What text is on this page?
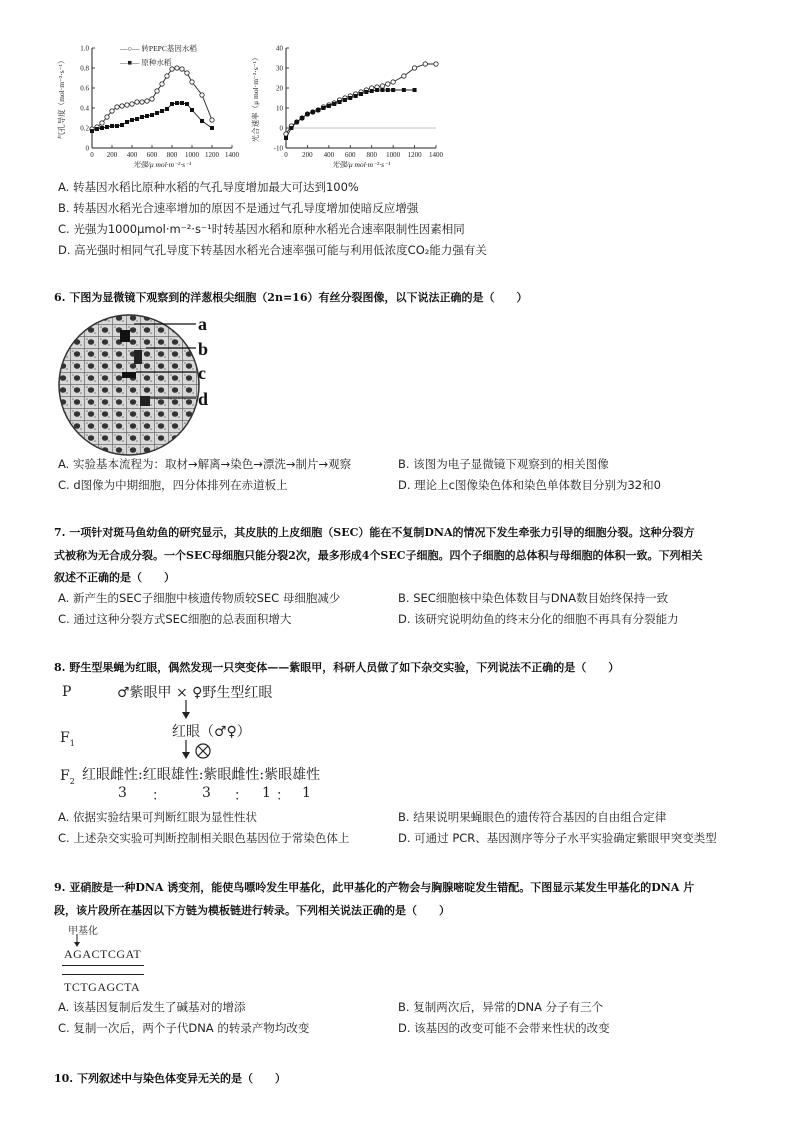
0 200 400 600 800 1000 1200 1400
0
0.2
0.4
0.6
0.8
1.0
光强/μ mol·m⁻²·s⁻¹
气孔导度（mol·m⁻²·s⁻¹）
—○— 转PEPC基因水稻
—■— 原种水稻
0 200 400 600 800 1000 1200 1400
-10
0
10
20
30
40
光强/μ mol·m⁻²·s⁻¹
光合速率（μ mol·m⁻²·s⁻¹）
A. 转基因水稻比原种水稻的气孔导度增加最大可达到100%
B. 转基因水稻光合速率增加的原因不是通过气孔导度增加使暗反应增强
C. 光强为1000μmol·m⁻²·s⁻¹时转基因水稻和原种水稻光合速率限制性因素相同
D. 高光强时相同气孔导度下转基因水稻光合速率强可能与利用低浓度CO₂能力强有关
6. 下图为显微镜下观察到的洋葱根尖细胞（2n=16）有丝分裂图像，以下说法正确的是（　　）
a
b
c
d
A. 实验基本流程为：取材→解离→染色→漂洗→制片→观察	B. 该图为电子显微镜下观察到的相关图像
C. d图像为中期细胞，四分体排列在赤道板上	D. 理论上c图像染色体和染色单体数目分别为32和0
7. 一项针对斑马鱼幼鱼的研究显示，其皮肤的上皮细胞（SEC）能在不复制DNA的情况下发生牵张力引导的细胞分裂。这种分裂方
式被称为无合成分裂。一个SEC母细胞只能分裂2次，最多形成4个SEC子细胞。四个子细胞的总体积与母细胞的体积一致。下列相关
叙述不正确的是（　　）
A. 新产生的SEC子细胞中核遗传物质较SEC 母细胞减少	B. SEC细胞核中染色体数目与DNA数目始终保持一致
C. 通过这种分裂方式SEC细胞的总表面积增大	D. 该研究说明幼鱼的终末分化的细胞不再具有分裂能力
8. 野生型果蝇为红眼，偶然发现一只突变体——紫眼甲，科研人员做了如下杂交实验，下列说法不正确的是（　　）
P	♂紫眼甲 × ♀野生型红眼
$F_1$
红眼（♂♀）
$F_2$ 红眼雌性:红眼雄性:紫眼雌性:紫眼雄性
3 ：	3 ： 1 ： 1
A. 依据实验结果可判断红眼为显性性状	B. 结果说明果蝇眼色的遗传符合基因的自由组合定律
C. 上述杂交实验可判断控制相关眼色基因位于常染色体上	D. 可通过 PCR、基因测序等分子水平实验确定紫眼甲突变类型
9. 亚硝胺是一种DNA 诱变剂，能使鸟嘌呤发生甲基化，此甲基化的产物会与胸腺嘧啶发生错配。下图显示某发生甲基化的DNA 片
段，该片段所在基因以下方链为模板链进行转录。下列相关说法正确的是（　　）
甲基化
AGACTCGAT
TCTGAGCTA
A. 该基因复制后发生了碱基对的增添	B. 复制两次后，异常的DNA 分子有三个
C. 复制一次后，两个子代DNA 的转录产物均改变	D. 该基因的改变可能不会带来性状的改变
10. 下列叙述中与染色体变异无关的是（　　）
